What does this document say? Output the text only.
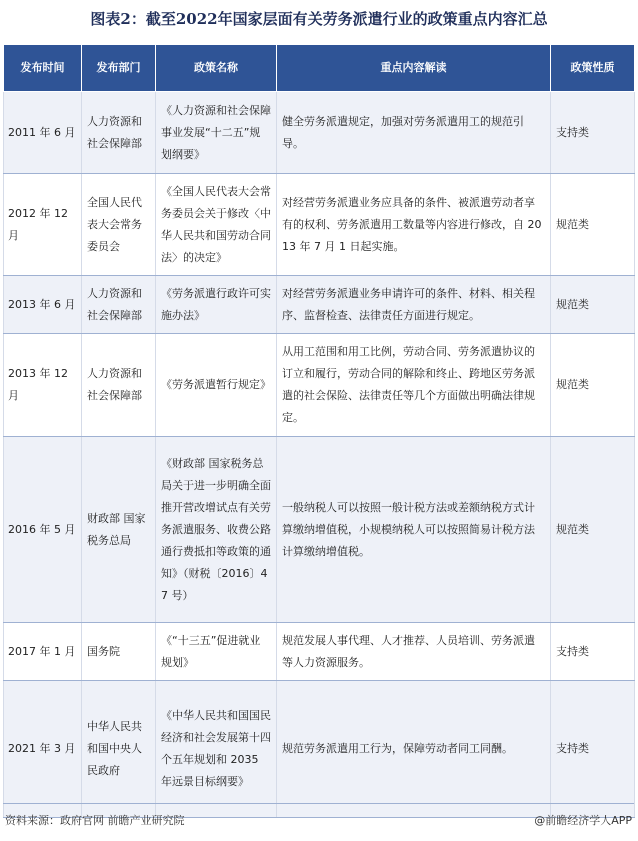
图表2：截至2022年国家层面有关劳务派遣行业的政策重点内容汇总
发布时间	发布部门	政策名称	重点内容解读	政策性质
2011 年 6 月	人力资源和社会保障部	《人力资源和社会保障事业发展“十二五”规划纲要》	健全劳务派遣规定，加强对劳务派遣用工的规范引导。	支持类
2012 年 12 月	全国人民代表大会常务委员会	《全国人民代表大会常务委员会关于修改〈中华人民共和国劳动合同法〉的决定》	对经营劳务派遣业务应具备的条件、被派遣劳动者享有的权利、劳务派遣用工数量等内容进行修改，自 2013 年 7 月 1 日起实施。	规范类
2013 年 6 月	人力资源和社会保障部	《劳务派遣行政许可实施办法》	对经营劳务派遣业务申请许可的条件、材料、相关程序、监督检查、法律责任方面进行规定。	规范类
2013 年 12 月	人力资源和社会保障部	《劳务派遣暂行规定》	从用工范围和用工比例，劳动合同、劳务派遣协议的订立和履行，劳动合同的解除和终止、跨地区劳务派遣的社会保险、法律责任等几个方面做出明确法律规定。	规范类
2016 年 5 月	财政部 国家税务总局	《财政部 国家税务总局关于进一步明确全面推开营改增试点有关劳务派遣服务、收费公路通行费抵扣等政策的通知》（财税〔2016〕47 号）	一般纳税人可以按照一般计税方法或差额纳税方式计算缴纳增值税，小规模纳税人可以按照简易计税方法计算缴纳增值税。	规范类
2017 年 1 月	国务院	《“十三五”促进就业规划》	规范发展人事代理、人才推荐、人员培训、劳务派遣等人力资源服务。	支持类
2021 年 3 月	中华人民共和国中央人民政府	《中华人民共和国国民经济和社会发展第十四个五年规划和 2035 年远景目标纲要》	规范劳务派遣用工行为，保障劳动者同工同酬。	支持类
资料来源：政府官网 前瞻产业研究院	@前瞻经济学人APP
